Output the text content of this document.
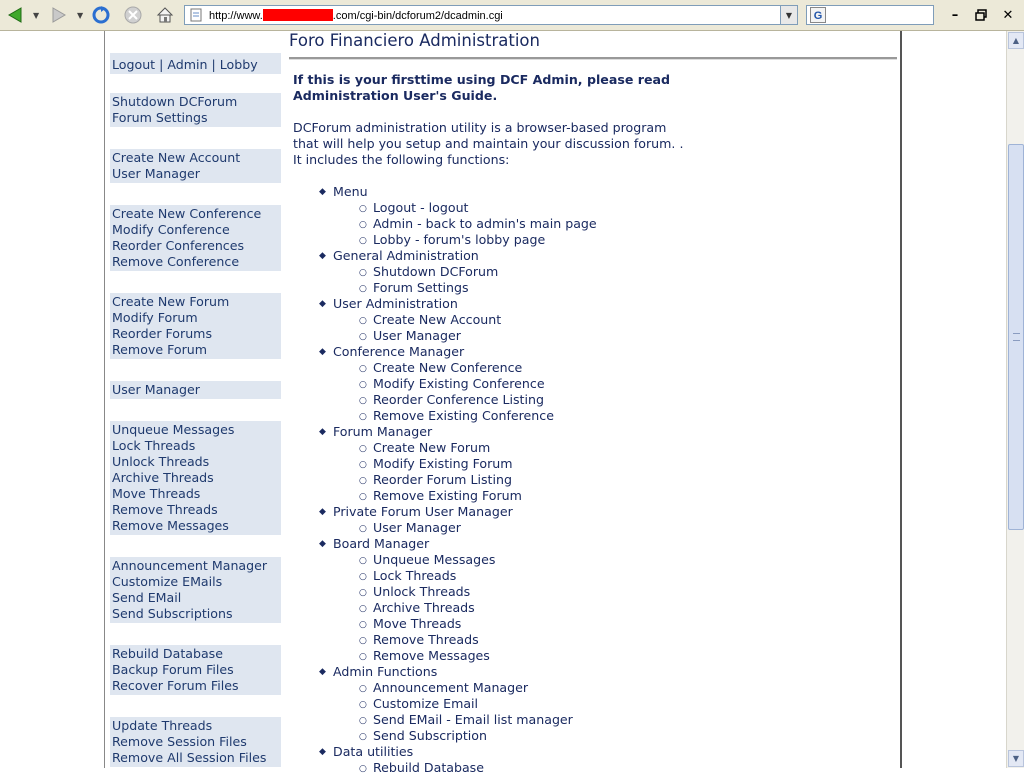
▼	▼	http://www.	.com/cgi-bin/dcforum2/dcadmin.cgi	▼	G	–	✕
Logout | Admin | Lobby
Shutdown DCForum
Forum Settings
Create New Account
User Manager
Create New Conference
Modify Conference
Reorder Conferences
Remove Conference
Create New Forum
Modify Forum
Reorder Forums
Remove Forum
User Manager
Unqueue Messages
Lock Threads
Unlock Threads
Archive Threads
Move Threads
Remove Threads
Remove Messages
Announcement Manager
Customize EMails
Send EMail
Send Subscriptions
Rebuild Database
Backup Forum Files
Recover Forum Files
Update Threads
Remove Session Files
Remove All Session Files
Foro Financiero Administration
If this is your firsttime using DCF Admin, please read
Administration User's Guide.
DCForum administration utility is a browser-based program that will help you setup and maintain your discussion forum. . It includes the following functions:
◆ Menu
○ Logout - logout
○ Admin - back to admin's main page
○ Lobby - forum's lobby page
◆ General Administration
○ Shutdown DCForum
○ Forum Settings
◆ User Administration
○ Create New Account
○ User Manager
◆ Conference Manager
○ Create New Conference
○ Modify Existing Conference
○ Reorder Conference Listing
○ Remove Existing Conference
◆ Forum Manager
○ Create New Forum
○ Modify Existing Forum
○ Reorder Forum Listing
○ Remove Existing Forum
◆ Private Forum User Manager
○ User Manager
◆ Board Manager
○ Unqueue Messages
○ Lock Threads
○ Unlock Threads
○ Archive Threads
○ Move Threads
○ Remove Threads
○ Remove Messages
◆ Admin Functions
○ Announcement Manager
○ Customize Email
○ Send EMail - Email list manager
○ Send Subscription
◆ Data utilities
○ Rebuild Database
▲
▼
